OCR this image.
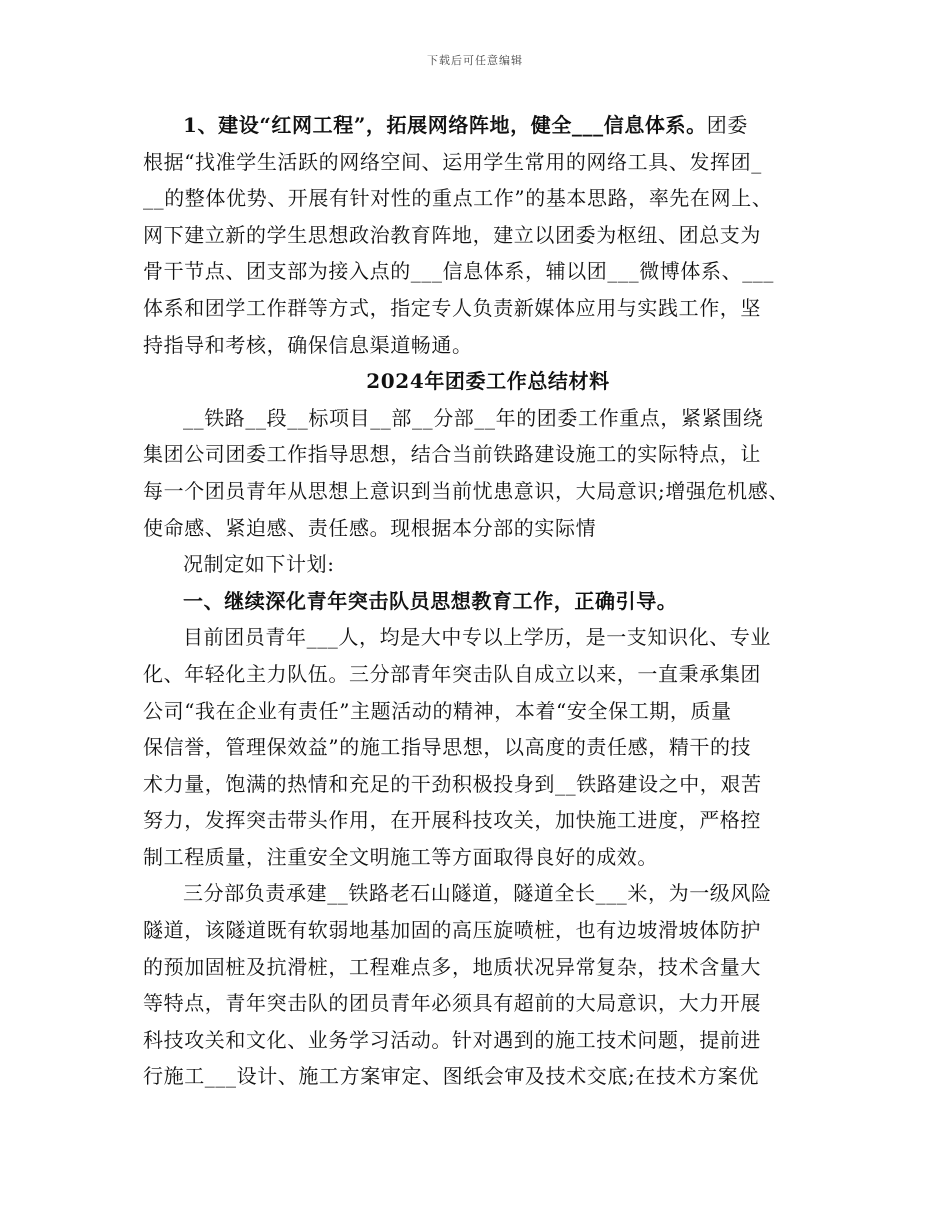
下载后可任意编辑
1、建设“红网工程”，拓展网络阵地，健全___信息体系。团委
根据“找准学生活跃的网络空间、运用学生常用的网络工具、发挥团_
__的整体优势、开展有针对性的重点工作”的基本思路，率先在网上、
网下建立新的学生思想政治教育阵地，建立以团委为枢纽、团总支为
骨干节点、团支部为接入点的___信息体系，辅以团___微博体系、___
体系和团学工作群等方式，指定专人负责新媒体应用与实践工作，坚
持指导和考核，确保信息渠道畅通。
2024年团委工作总结材料
__铁路__段__标项目__部__分部__年的团委工作重点，紧紧围绕
集团公司团委工作指导思想，结合当前铁路建设施工的实际特点，让
每一个团员青年从思想上意识到当前忧患意识，大局意识;增强危机感、
使命感、紧迫感、责任感。现根据本分部的实际情
况制定如下计划:
一、继续深化青年突击队员思想教育工作，正确引导。
目前团员青年___人，均是大中专以上学历，是一支知识化、专业
化、年轻化主力队伍。三分部青年突击队自成立以来，一直秉承集团
公司“我在企业有责任”主题活动的精神，本着“安全保工期，质量
保信誉，管理保效益”的施工指导思想，以高度的责任感，精干的技
术力量，饱满的热情和充足的干劲积极投身到__铁路建设之中，艰苦
努力，发挥突击带头作用，在开展科技攻关，加快施工进度，严格控
制工程质量，注重安全文明施工等方面取得良好的成效。
三分部负责承建__铁路老石山隧道，隧道全长___米，为一级风险
隧道，该隧道既有软弱地基加固的高压旋喷桩，也有边坡滑坡体防护
的预加固桩及抗滑桩，工程难点多，地质状况异常复杂，技术含量大
等特点，青年突击队的团员青年必须具有超前的大局意识，大力开展
科技攻关和文化、业务学习活动。针对遇到的施工技术问题，提前进
行施工___设计、施工方案审定、图纸会审及技术交底;在技术方案优
